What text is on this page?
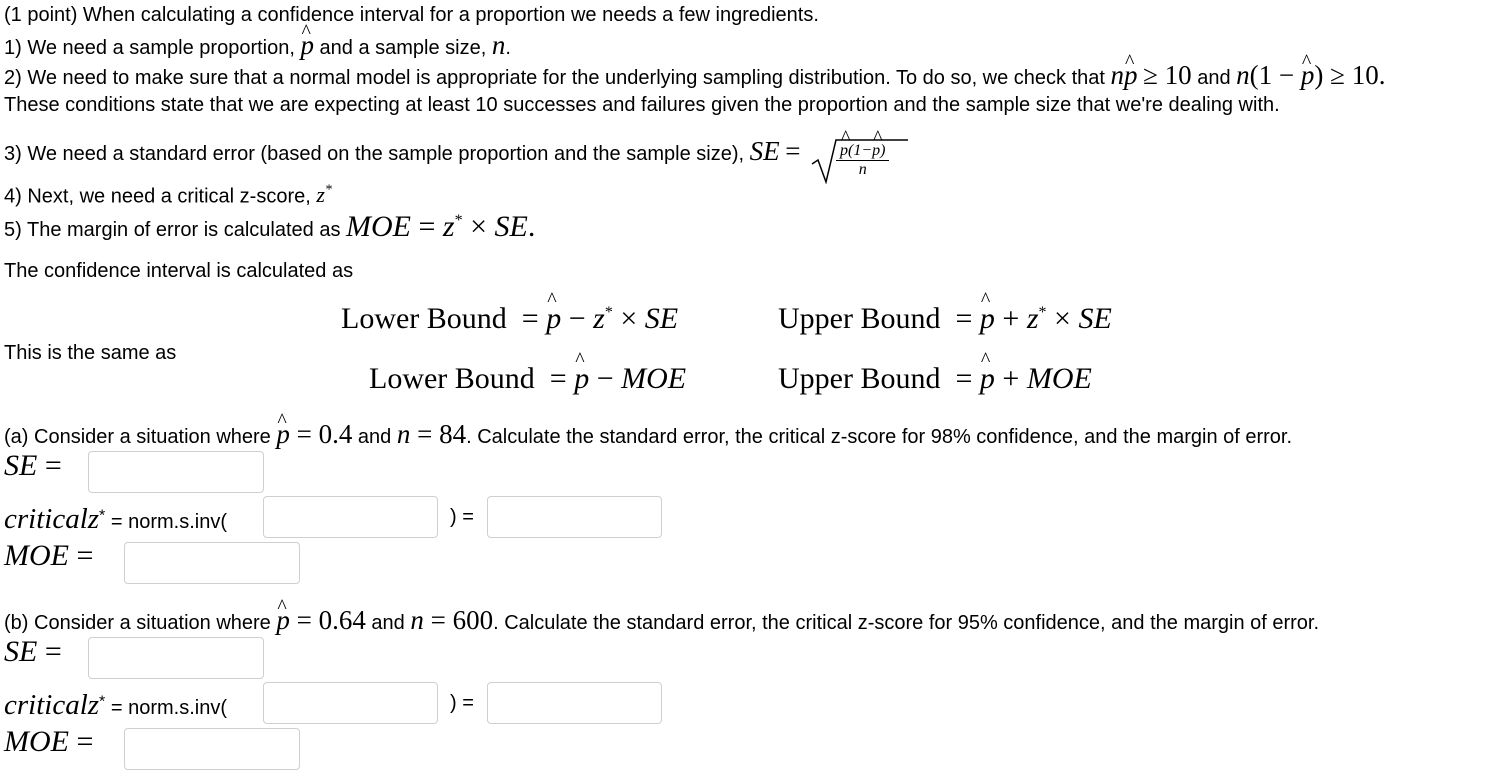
(1 point) When calculating a confidence interval for a proportion we needs a few ingredients.
1) We need a sample proportion, p ^ and a sample size, n.
2) We need to make sure that a normal model is appropriate for the underlying sampling distribution. To do so, we check that np ^ ≥ 10 and n(1 − p ^) ≥ 10.
These conditions state that we are expecting at least 10 successes and failures given the proportion and the sample size that we're dealing with.
3) We need a standard error (based on the sample proportion and the sample size), SE = $\frac{p \^{}(1-p \^{})}{n}$
4) Next, we need a critical z-score, z*
5) The margin of error is calculated as MOE = z* × SE.
The confidence interval is calculated as
Lower Bound  = p ^ − z* × SE	Upper Bound  = p ^ + z* × SE
This is the same as
Lower Bound  = p ^ − MOE	Upper Bound  = p ^ + MOE
(a) Consider a situation where p ^ = 0.4 and n = 84. Calculate the standard error, the critical z-score for 98% confidence, and the margin of error.
SE =
criticalz* = norm.s.inv(	) =
MOE =
(b) Consider a situation where p ^ = 0.64 and n = 600. Calculate the standard error, the critical z-score for 95% confidence, and the margin of error.
SE =
criticalz* = norm.s.inv(	) =
MOE =
